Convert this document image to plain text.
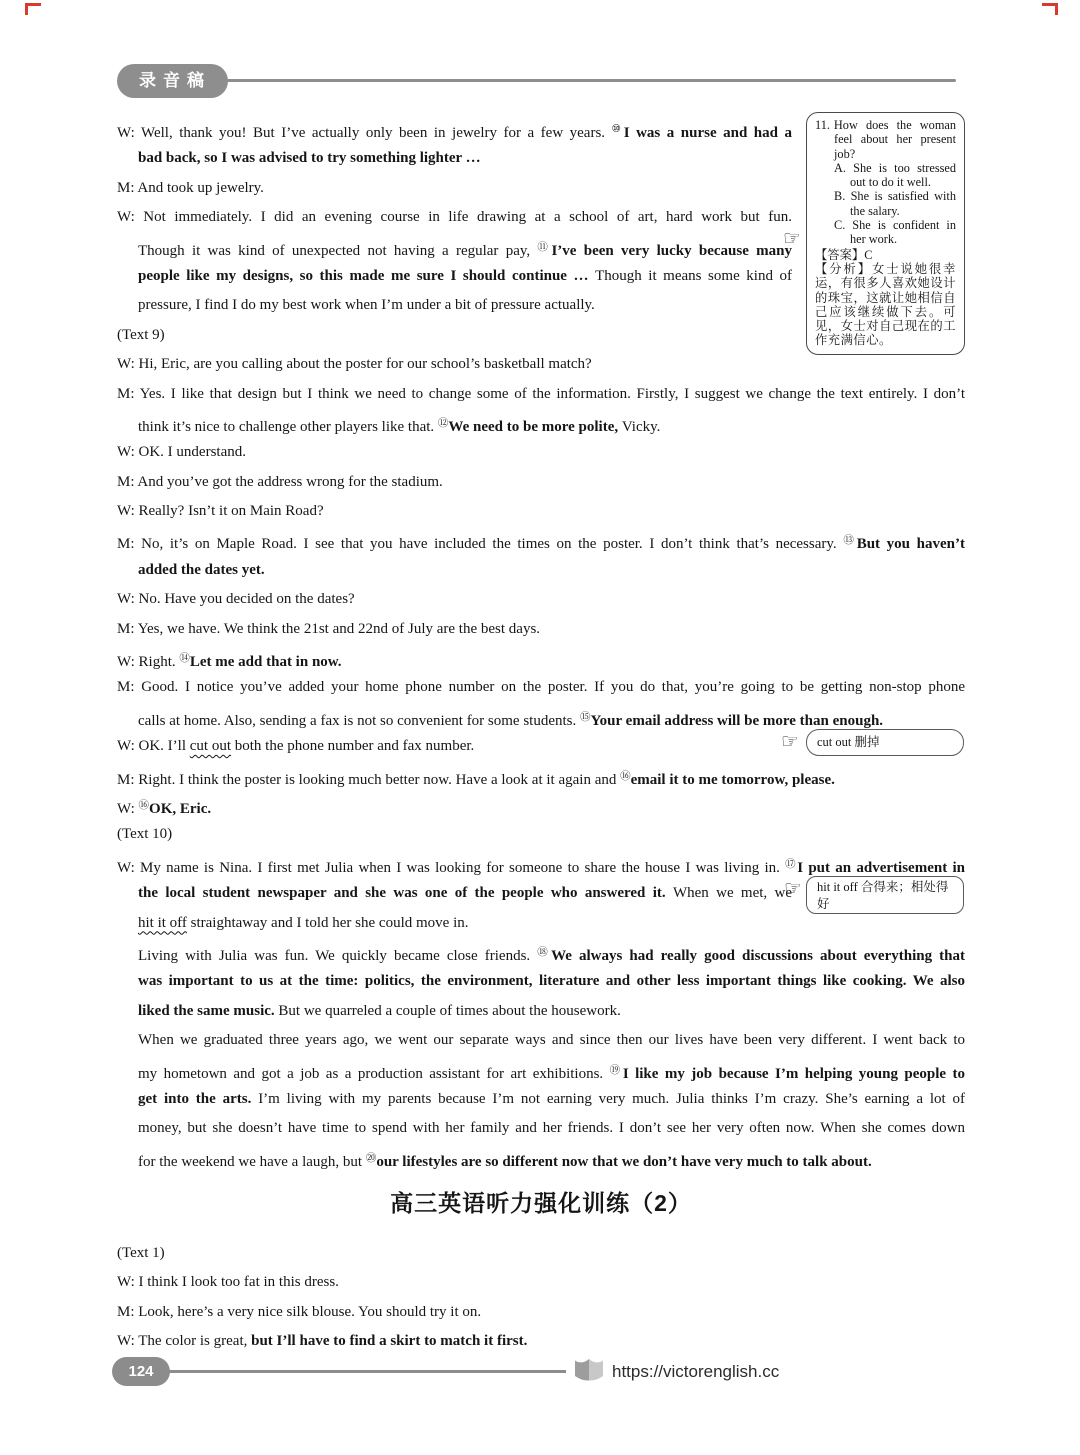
录音稿
W: Well, thank you! But I’ve actually only been in jewelry for a few years. ⑩I was a nurse and had a
bad back, so I was advised to try something lighter …
M: And took up jewelry.
W: Not immediately. I did an evening course in life drawing at a school of art, hard work but fun.
Though it was kind of unexpected not having a regular pay, ⑪I’ve been very lucky because many
people like my designs, so this made me sure I should continue … Though it means some kind of
pressure, I find I do my best work when I’m under a bit of pressure actually.
(Text 9)
W: Hi, Eric, are you calling about the poster for our school’s basketball match?
M: Yes. I like that design but I think we need to change some of the information. Firstly, I suggest we change the text entirely. I don’t
think it’s nice to challenge other players like that. ⑫We need to be more polite, Vicky.
W: OK. I understand.
M: And you’ve got the address wrong for the stadium.
W: Really? Isn’t it on Main Road?
M: No, it’s on Maple Road. I see that you have included the times on the poster. I don’t think that’s necessary. ⑬But you haven’t
added the dates yet.
W: No. Have you decided on the dates?
M: Yes, we have. We think the 21st and 22nd of July are the best days.
W: Right. ⑭Let me add that in now.
M: Good. I notice you’ve added your home phone number on the poster. If you do that, you’re going to be getting non-stop phone
calls at home. Also, sending a fax is not so convenient for some students. ⑮Your email address will be more than enough.
W: OK. I’ll cut out both the phone number and fax number.
M: Right. I think the poster is looking much better now. Have a look at it again and ⑯email it to me tomorrow, please.
W: ⑯OK, Eric.
(Text 10)
W: My name is Nina. I first met Julia when I was looking for someone to share the house I was living in. ⑰I put an advertisement in
the local student newspaper and she was one of the people who answered it. When we met, we
hit it off straightaway and I told her she could move in.
Living with Julia was fun. We quickly became close friends. ⑱We always had really good discussions about everything that
was important to us at the time: politics, the environment, literature and other less important things like cooking. We also
liked the same music. But we quarreled a couple of times about the housework.
When we graduated three years ago, we went our separate ways and since then our lives have been very different. I went back to
my hometown and got a job as a production assistant for art exhibitions. ⑲I like my job because I’m helping young people to
get into the arts. I’m living with my parents because I’m not earning very much. Julia thinks I’m crazy. She’s earning a lot of
money, but she doesn’t have time to spend with her family and her friends. I don’t see her very often now. When she comes down
for the weekend we have a laugh, but ⑳our lifestyles are so different now that we don’t have very much to talk about.
高三英语听力强化训练（2）
(Text 1)
W: I think I look too fat in this dress.
M: Look, here’s a very nice silk blouse. You should try it on.
W: The color is great, but I’ll have to find a skirt to match it first.
11. How does the woman feel about her present job?
A. She is too stressed out to do it well.
B. She is satisfied with the salary.
C. She is confident in her work.
【答案】C
【分析】女士说她很幸运，有很多人喜欢她设计的珠宝，这就让她相信自己应该继续做下去。可见，女士对自己现在的工作充满信心。
☞
☞
☞
cut out 删掉
hit it off 合得来；相处得好
124	https://victorenglish.cc
